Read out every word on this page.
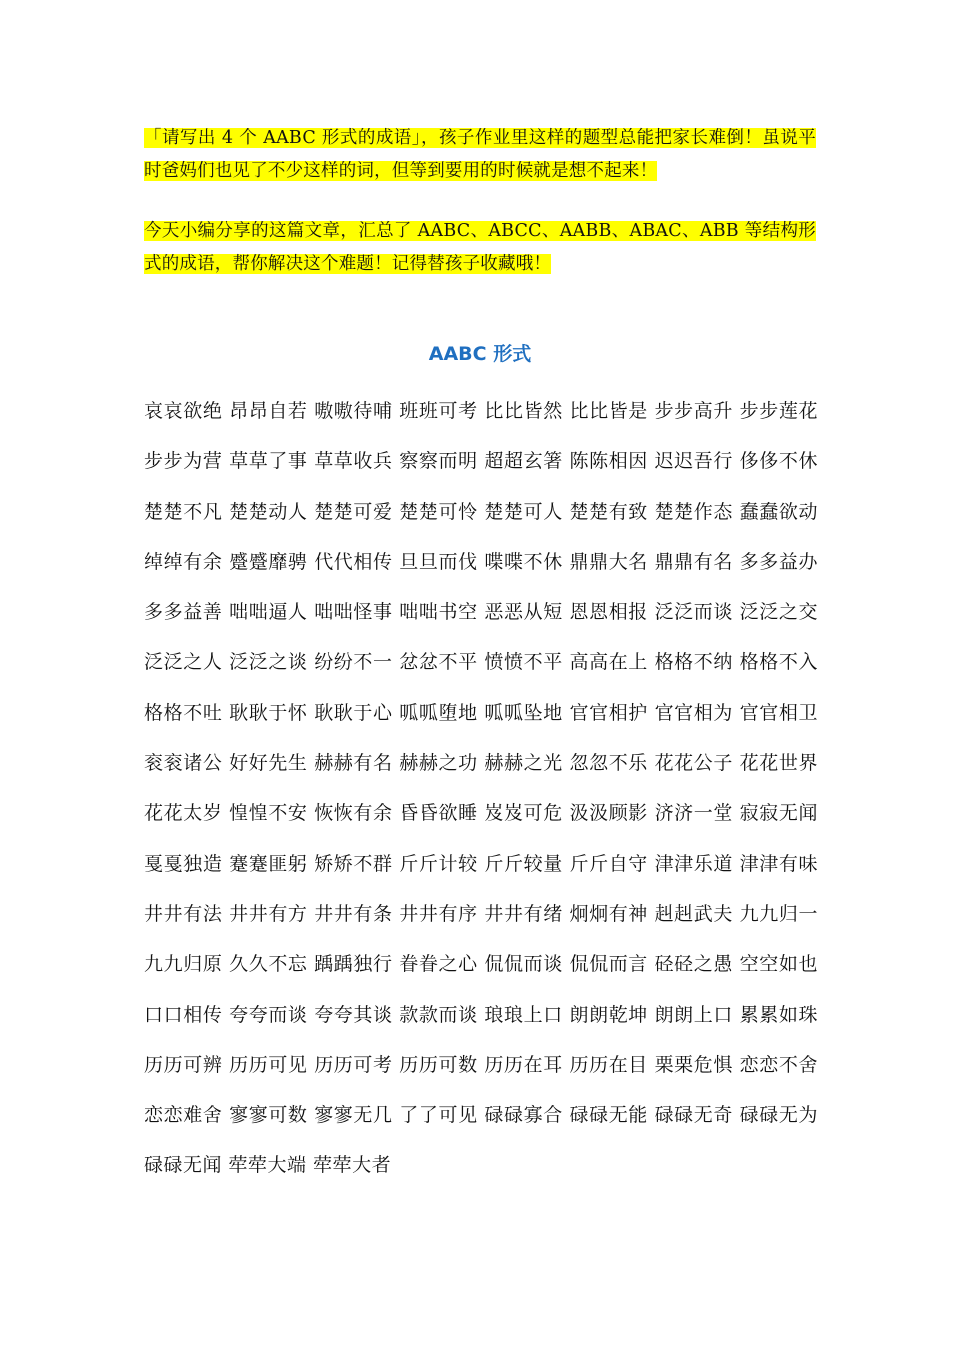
「请写出 4 个 AABC 形式的成语」，孩子作业里这样的题型总能把家长难倒！虽说平时爸妈们也见了不少这样的词，但等到要用的时候就是想不起来！

今天小编分享的这篇文章，汇总了 AABC、ABCC、AABB、ABAC、ABB 等结构形式的成语，帮你解决这个难题！记得替孩子收藏哦！

AABC 形式

哀哀欲绝 昂昂自若 嗷嗷待哺 班班可考 比比皆然 比比皆是 步步高升 步步莲花 步步为营 草草了事 草草收兵 察察而明 超超玄箸 陈陈相因 迟迟吾行 侈侈不休 楚楚不凡 楚楚动人 楚楚可爱 楚楚可怜 楚楚可人 楚楚有致 楚楚作态 蠢蠢欲动 绰绰有余 蹙蹙靡骋 代代相传 旦旦而伐 喋喋不休 鼎鼎大名 鼎鼎有名 多多益办 多多益善 咄咄逼人 咄咄怪事 咄咄书空 恶恶从短 恩恩相报 泛泛而谈 泛泛之交 泛泛之人 泛泛之谈 纷纷不一 忿忿不平 愤愤不平 高高在上 格格不纳 格格不入 格格不吐 耿耿于怀 耿耿于心 呱呱堕地 呱呱坠地 官官相护 官官相为 官官相卫 衮衮诸公 好好先生 赫赫有名 赫赫之功 赫赫之光 忽忽不乐 花花公子 花花世界 花花太岁 惶惶不安 恢恢有余 昏昏欲睡 岌岌可危 汲汲顾影 济济一堂 寂寂无闻 戛戛独造 蹇蹇匪躬 矫矫不群 斤斤计较 斤斤较量 斤斤自守 津津乐道 津津有味 井井有法 井井有方 井井有条 井井有序 井井有绪 炯炯有神 赳赳武夫 九九归一 九九归原 久久不忘 踽踽独行 眷眷之心 侃侃而谈 侃侃而言 硁硁之愚 空空如也 口口相传 夸夸而谈 夸夸其谈 款款而谈 琅琅上口 朗朗乾坤 朗朗上口 累累如珠 历历可辨 历历可见 历历可考 历历可数 历历在耳 历历在目 栗栗危惧 恋恋不舍 恋恋难舍 寥寥可数 寥寥无几 了了可见 碌碌寡合 碌碌无能 碌碌无奇 碌碌无为 碌碌无闻 荦荦大端 荦荦大者
